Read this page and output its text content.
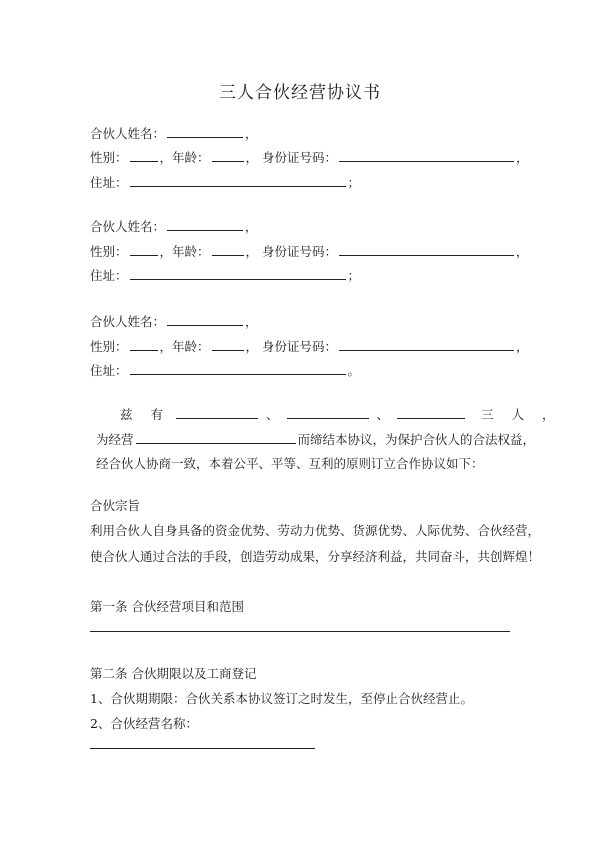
三人合伙经营协议书
合伙人姓名：	，
性别：	，年龄：	， 身份证号码：	，
住址：	；
合伙人姓名：	，
性别：	，年龄：	， 身份证号码：	，
住址：	；
合伙人姓名：	，
性别：	，年龄：	， 身份证号码：	，
住址：	。
兹 有	、	、	三 人 ，
为经营	而缔结本协议，为保护合伙人的合法权益，
经合伙人协商一致，本着公平、平等、互利的原则订立合作协议如下：
合伙宗旨
利用合伙人自身具备的资金优势、劳动力优势、货源优势、人际优势、合伙经营，
使合伙人通过合法的手段，创造劳动成果，分享经济利益，共同奋斗，共创辉煌！
第一条 合伙经营项目和范围
第二条 合伙期限以及工商登记
1、合伙期期限：合伙关系本协议签订之时发生，至停止合伙经营止。
2、合伙经营名称：
